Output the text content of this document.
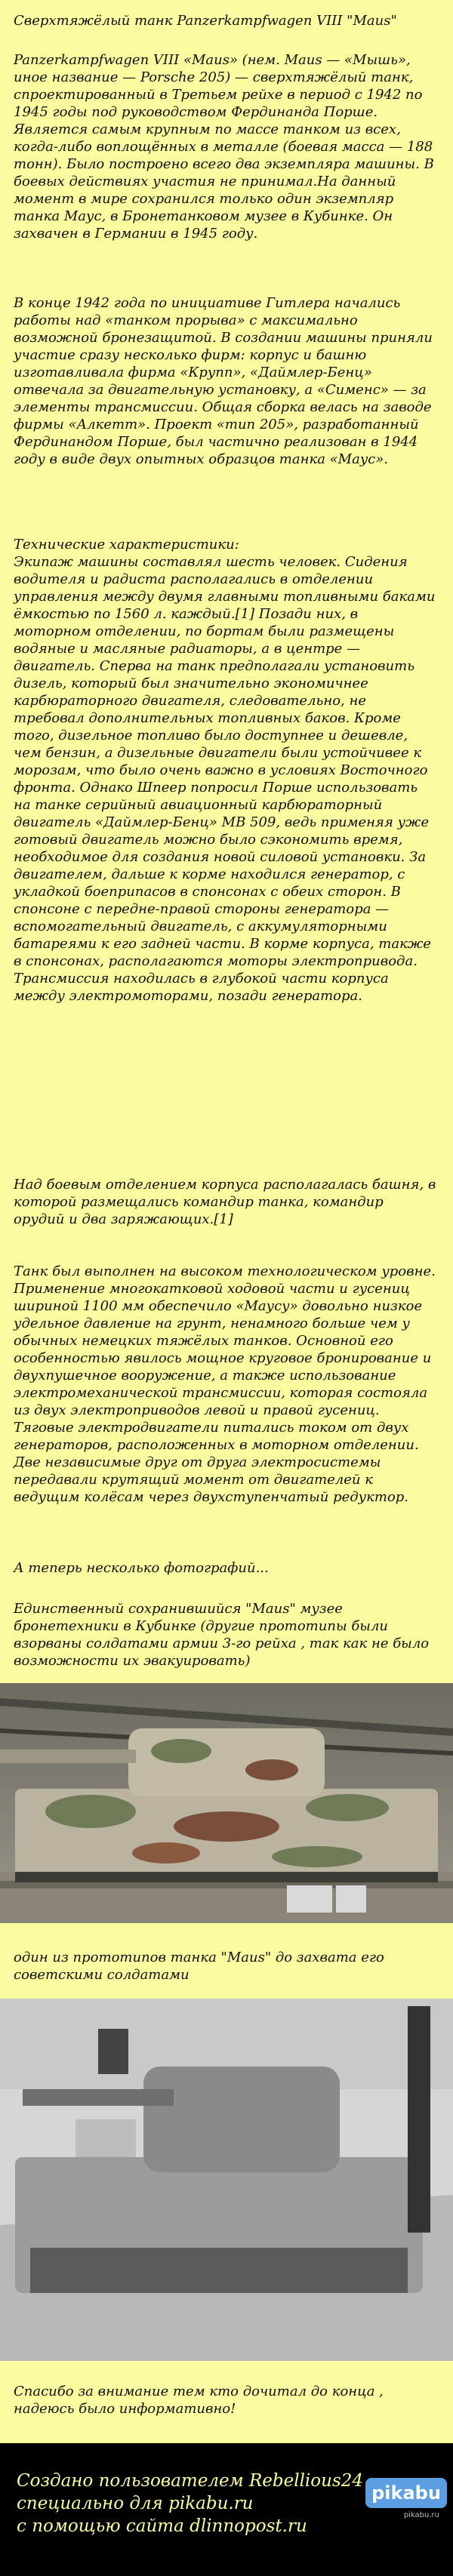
Сверхтяжёлый танк Panzerkampfwagen VIII "Maus"

Panzerkampfwagen VIII «Maus» (нем. Maus — «Мышь», иное название — Porsche 205) — сверхтяжёлый танк, спроектированный в Третьем рейхе в период с 1942 по 1945 годы под руководством Фердинанда Порше. Является самым крупным по массе танком из всех, когда-либо воплощённых в металле (боевая масса — 188 тонн). Было построено всего два экземпляра машины. В боевых действиях участия не принимал.На данный момент в мире сохранился только один экземпляр танка Маус, в Бронетанковом музее в Кубинке. Он захвачен в Германии в 1945 году.

В конце 1942 года по инициативе Гитлера начались работы над «танком прорыва» с максимально возможной бронезащитой. В создании машины приняли участие сразу несколько фирм: корпус и башню изготавливала фирма «Крупп», «Даймлер-Бенц» отвечала за двигательную установку, а «Сименс» — за элементы трансмиссии. Общая сборка велась на заводе фирмы «Алкетт». Проект «тип 205», разработанный Фердинандом Порше, был частично реализован в 1944 году в виде двух опытных образцов танка «Маус».

Технические характеристики:

Экипаж машины составлял шесть человек. Сидения водителя и радиста располагались в отделении управления между двумя главными топливными баками ёмкостью по 1560 л. каждый.[1] Позади них, в моторном отделении, по бортам были размещены водяные и масляные радиаторы, а в центре — двигатель. Сперва на танк предполагали установить дизель, который был значительно экономичнее карбюраторного двигателя, следовательно, не требовал дополнительных топливных баков. Кроме того, дизельное топливо было доступнее и дешевле, чем бензин, а дизельные двигатели были устойчивее к морозам, что было очень важно в условиях Восточного фронта. Однако Шпеер попросил Порше использовать на танке серийный авиационный карбюраторный двигатель «Даймлер-Бенц» MB 509, ведь применяя уже готовый двигатель можно было сэкономить время, необходимое для создания новой силовой установки. За двигателем, дальше к корме находился генератор, с укладкой боеприпасов в спонсонах с обеих сторон. В спонсоне с передне-правой стороны генератора — вспомогательный двигатель, с аккумуляторными батареями к его задней части. В корме корпуса, также в спонсонах, располагаются моторы электропривода. Трансмиссия находилась в глубокой части корпуса между электромоторами, позади генератора.

Над боевым отделением корпуса располагалась башня, в которой размещались командир танка, командир орудий и два заряжающих.[1]

Танк был выполнен на высоком технологическом уровне. Применение многокатковой ходовой части и гусениц шириной 1100 мм обеспечило «Маусу» довольно низкое удельное давление на грунт, ненамного больше чем у обычных немецких тяжёлых танков. Основной его особенностью явилось мощное круговое бронирование и двухпушечное вооружение, а также использование электромеханической трансмиссии, которая состояла из двух электроприводов левой и правой гусениц. Тяговые электродвигатели питались током от двух генераторов, расположенных в моторном отделении. Две независимые друг от друга электросистемы передавали крутящий момент от двигателей к ведущим колёсам через двухступенчатый редуктор.

А теперь несколько фотографий...

Единственный сохранившийся "Maus" музее бронетехники в Кубинке (другие прототипы были взорваны солдатами армии 3-го рейха , так как не было возможности их эвакуировать)

один из прототипов танка "Maus" до захвата его советскими солдатами

Спасибо за внимание тем кто дочитал до конца , надеюсь было информативно!

Создано пользователем Rebellious24

специально для pikabu.ru

с помощью сайта dlinnopost.ru

pikabu
pikabu.ru
